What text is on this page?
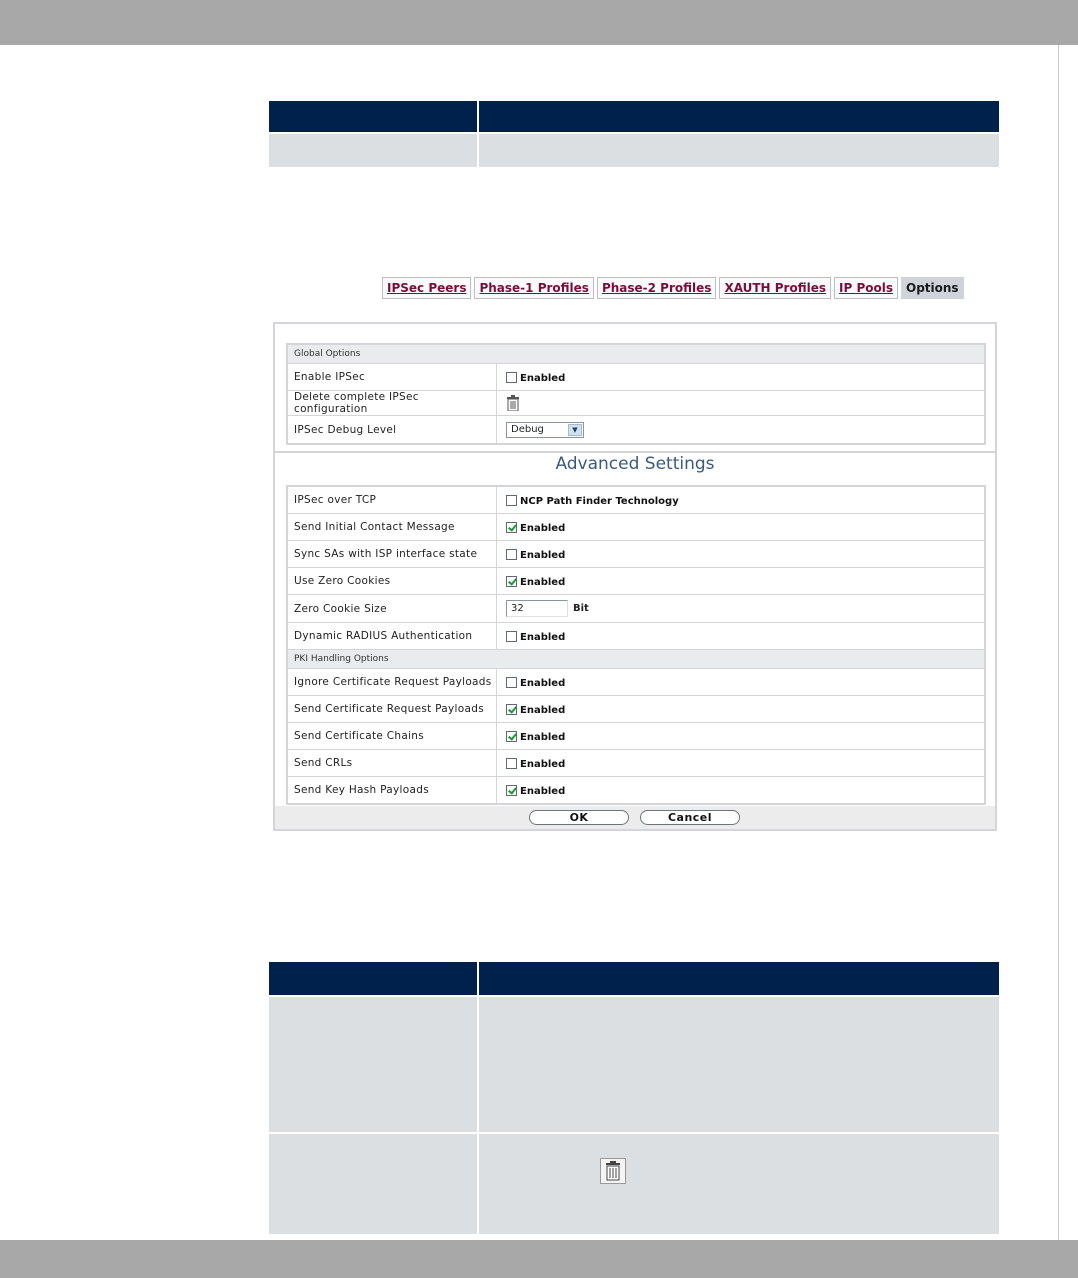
IPSec Peers	Phase-1 Profiles	Phase-2 Profiles	XAUTH Profiles	IP Pools	Options
Global Options
Enable IPSec	Enabled
Delete complete IPSec configuration
IPSec Debug Level	Debug	▼
Advanced Settings
IPSec over TCP	NCP Path Finder Technology
Send Initial Contact Message	Enabled
Sync SAs with ISP interface state	Enabled
Use Zero Cookies	Enabled
Zero Cookie Size	32	Bit
Dynamic RADIUS Authentication	Enabled
PKI Handling Options
Ignore Certificate Request Payloads	Enabled
Send Certificate Request Payloads	Enabled
Send Certificate Chains	Enabled
Send CRLs	Enabled
Send Key Hash Payloads	Enabled
OK	Cancel
